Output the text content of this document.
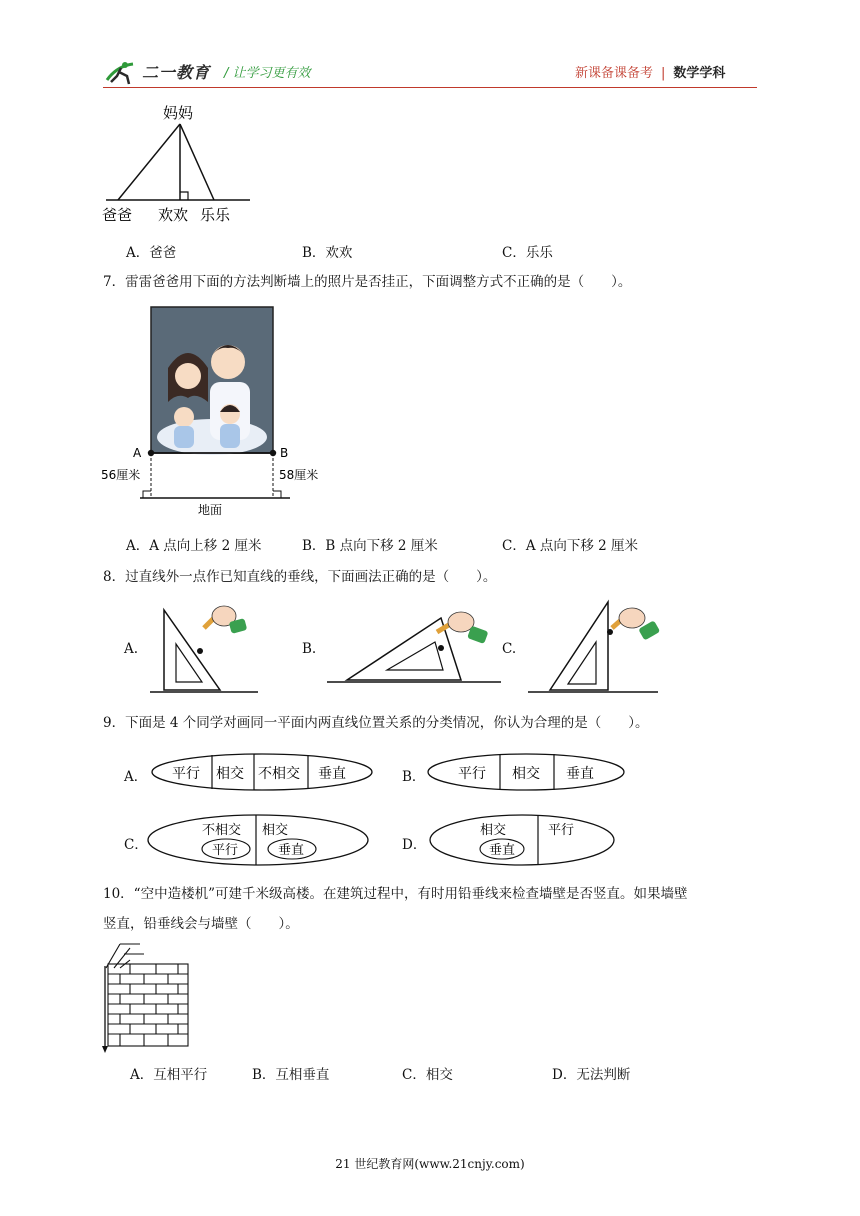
二一教育 / 让学习更有效	新课备课备考 | 数学学科
妈妈
爸爸 欢欢 乐乐
A．爸爸	B．欢欢	C．乐乐
7．雷雷爸爸用下面的方法判断墙上的照片是否挂正，下面调整方式不正确的是（　　）。
A	B
56厘米	58厘米
地面
A．A 点向上移 2 厘米	B．B 点向下移 2 厘米	C．A 点向下移 2 厘米
8．过直线外一点作已知直线的垂线，下面画法正确的是（　　）。
A.	B.	C.
9．下面是 4 个同学对画同一平面内两直线位置关系的分类情况，你认为合理的是（　　）。
A． 平行 相交 不相交 垂直	B． 平行 相交 垂直
C．
不相交
平行
相交
垂直	D．
相交
垂直
平行
10．“空中造楼机”可建千米级高楼。在建筑过程中，有时用铅垂线来检查墙壁是否竖直。如果墙壁
竖直，铅垂线会与墙壁（　　）。
A．互相平行	B．互相垂直	C．相交	D．无法判断
21 世纪教育网(www.21cnjy.com)
